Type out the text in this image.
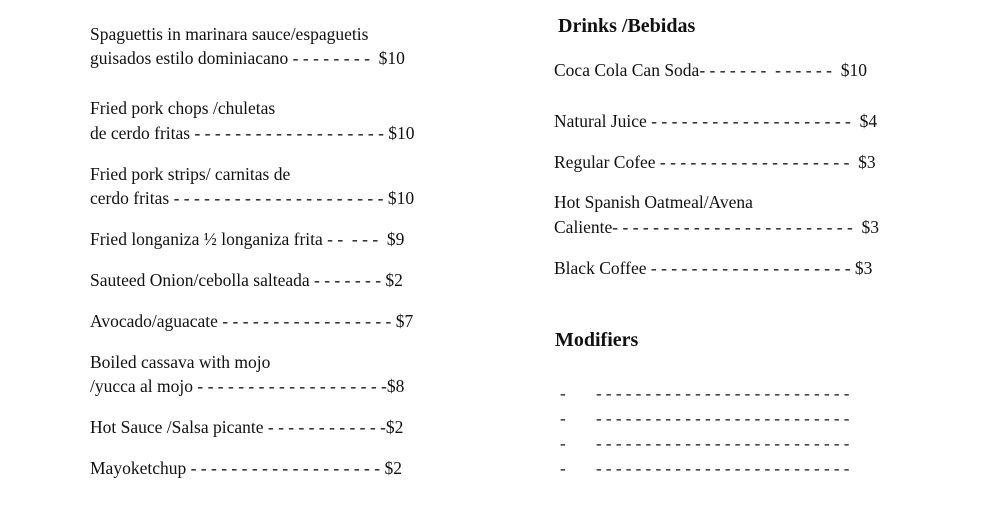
Spaguettis in marinara sauce/espaguetis
guisados estilo dominiacano - - - - - - - -  $10
Fried pork chops /chuletas
de cerdo fritas - - - - - - - - - - - - - - - - - - - $10
Fried pork strips/ carnitas de
cerdo fritas - - - - - - - - - - - - - - - - - - - - - $10
Fried longaniza ½ longaniza frita - -  - - -  $9
Sauteed Onion/cebolla salteada - - - - - - - $2
Avocado/aguacate - - - - - - - - - - - - - - - - - $7
Boiled cassava with mojo
/yucca al mojo - - - - - - - - - - - - - - - - - - -$8
Hot Sauce /Salsa picante - - - - - - - - - - - -$2
Mayoketchup - - - - - - - - - - - - - - - - - - - $2
Drinks /Bebidas
Coca Cola Can Soda- - - - - - -  - - - - - -  $10
Natural Juice - - - - - - - - - - - - - - - - - - - -  $4
Regular Cofee - - - - - - - - - - - - - - - - - - -  $3
Hot Spanish Oatmeal/Avena
Caliente- - - - - - - - - - - - - - - - - - - - - - - -  $3
Black Coffee - - - - - - - - - - - - - - - - - - - - $3
Modifiers
- - - - - - - - - - - - - - - - - - - - - - - - - - -
- - - - - - - - - - - - - - - - - - - - - - - - - - -
- - - - - - - - - - - - - - - - - - - - - - - - - - -
- - - - - - - - - - - - - - - - - - - - - - - - - - -
